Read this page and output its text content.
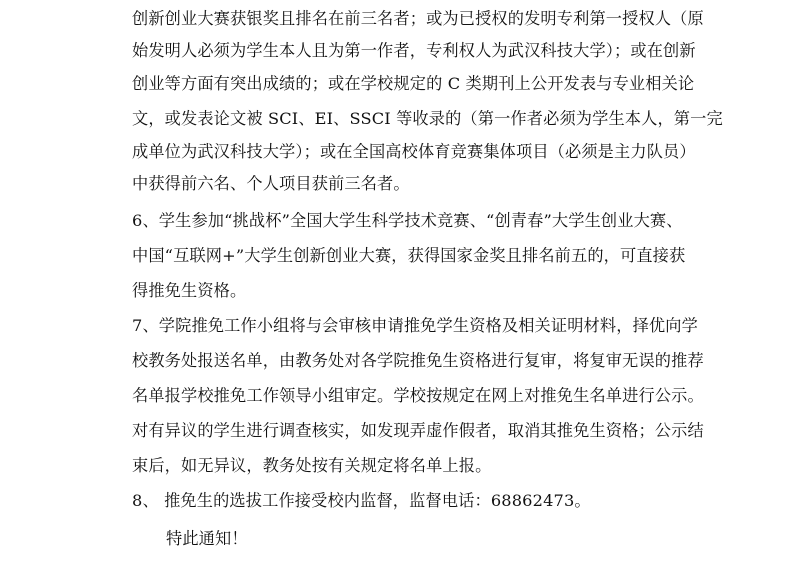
创新创业大赛获银奖且排名在前三名者；或为已授权的发明专利第一授权人（原
始发明人必须为学生本人且为第一作者，专利权人为武汉科技大学）；或在创新
创业等方面有突出成绩的；或在学校规定的 C 类期刊上公开发表与专业相关论
文，或发表论文被 SCI、EI、SSCI 等收录的（第一作者必须为学生本人，第一完
成单位为武汉科技大学）；或在全国高校体育竞赛集体项目（必须是主力队员）
中获得前六名、个人项目获前三名者。
6、学生参加“挑战杯”全国大学生科学技术竞赛、“创青春”大学生创业大赛、
中国“互联网+”大学生创新创业大赛，获得国家金奖且排名前五的，可直接获
得推免生资格。
7、学院推免工作小组将与会审核申请推免学生资格及相关证明材料，择优向学
校教务处报送名单，由教务处对各学院推免生资格进行复审，将复审无误的推荐
名单报学校推免工作领导小组审定。学校按规定在网上对推免生名单进行公示。
对有异议的学生进行调查核实，如发现弄虚作假者，取消其推免生资格；公示结
束后，如无异议，教务处按有关规定将名单上报。
8、 推免生的选拔工作接受校内监督，监督电话：68862473。
特此通知！
